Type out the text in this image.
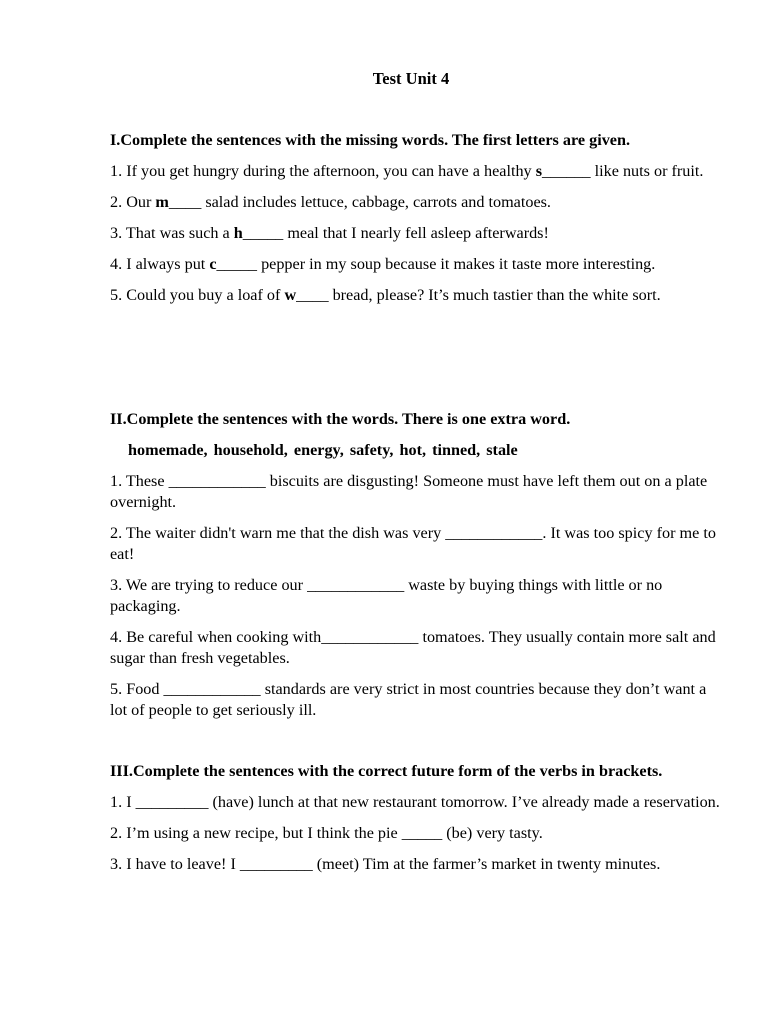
Test Unit 4
I.Complete the sentences with the missing words. The first letters are given.
1. If you get hungry during the afternoon, you can have a healthy s______ like nuts or fruit.
2. Our m____ salad includes lettuce, cabbage, carrots and tomatoes.
3. That was such a h_____ meal that I nearly fell asleep afterwards!
4. I always put c_____ pepper in my soup because it makes it taste more interesting.
5. Could you buy a loaf of w____ bread, please? It’s much tastier than the white sort.
II.Complete the sentences with the words. There is one extra word.
homemade, household, energy, safety, hot, tinned, stale
1. These ____________ biscuits are disgusting! Someone must have left them out on a plate overnight.
2. The waiter didn't warn me that the dish was very ____________. It was too spicy for me to eat!
3. We are trying to reduce our ____________ waste by buying things with little or no packaging.
4. Be careful when cooking with____________ tomatoes. They usually contain more salt and sugar than fresh vegetables.
5. Food ____________ standards are very strict in most countries because they don’t want a lot of people to get seriously ill.
III.Complete the sentences with the correct future form of the verbs in brackets.
1. I _________ (have) lunch at that new restaurant tomorrow. I’ve already made a reservation.
2. I’m using a new recipe, but I think the pie _____ (be) very tasty.
3. I have to leave! I _________ (meet) Tim at the farmer’s market in twenty minutes.
